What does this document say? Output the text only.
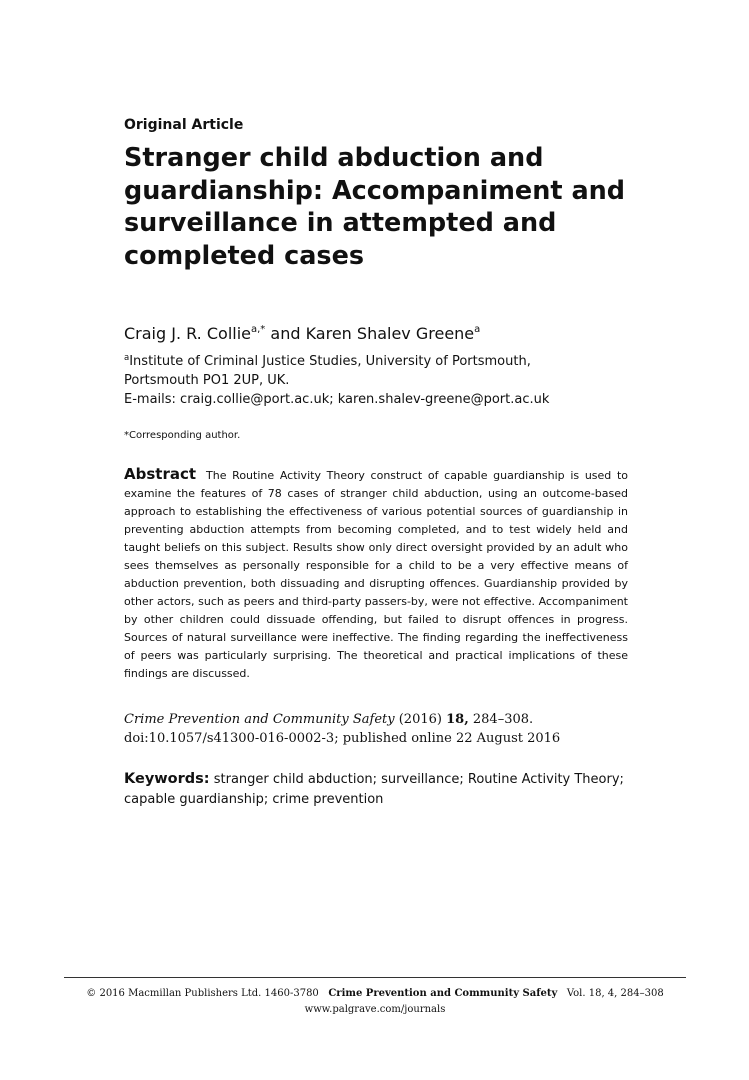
Original Article
Stranger child abduction and
guardianship: Accompaniment and
surveillance in attempted and
completed cases
Craig J. R. Collie$^{a,*}$ and Karen Shalev Greene$^a$
$^a$Institute of Criminal Justice Studies, University of Portsmouth,
Portsmouth PO1 2UP, UK.
E-mails: craig.collie@port.ac.uk; karen.shalev-greene@port.ac.uk
*Corresponding author.

Abstract The Routine Activity Theory construct of capable guardianship is used to examine the features of 78 cases of stranger child abduction, using an outcome-based approach to establishing the effectiveness of various potential sources of guardianship in preventing abduction attempts from becoming completed, and to test widely held and taught beliefs on this subject. Results show only direct oversight provided by an adult who sees themselves as personally responsible for a child to be a very effective means of abduction prevention, both dissuading and disrupting offences. Guardianship provided by other actors, such as peers and third-party passers-by, were not effective. Accompaniment by other children could dissuade offending, but failed to disrupt offences in progress. Sources of natural surveillance were ineffective. The finding regarding the ineffectiveness of peers was particularly surprising. The theoretical and practical implications of these findings are discussed.

Crime Prevention and Community Safety (2016) 18, 284–308.
doi:10.1057/s41300-016-0002-3; published online 22 August 2016

Keywords: stranger child abduction; surveillance; Routine Activity Theory; capable guardianship; crime prevention

© 2016 Macmillan Publishers Ltd. 1460-3780 Crime Prevention and Community Safety Vol. 18, 4, 284–308
www.palgrave.com/journals
